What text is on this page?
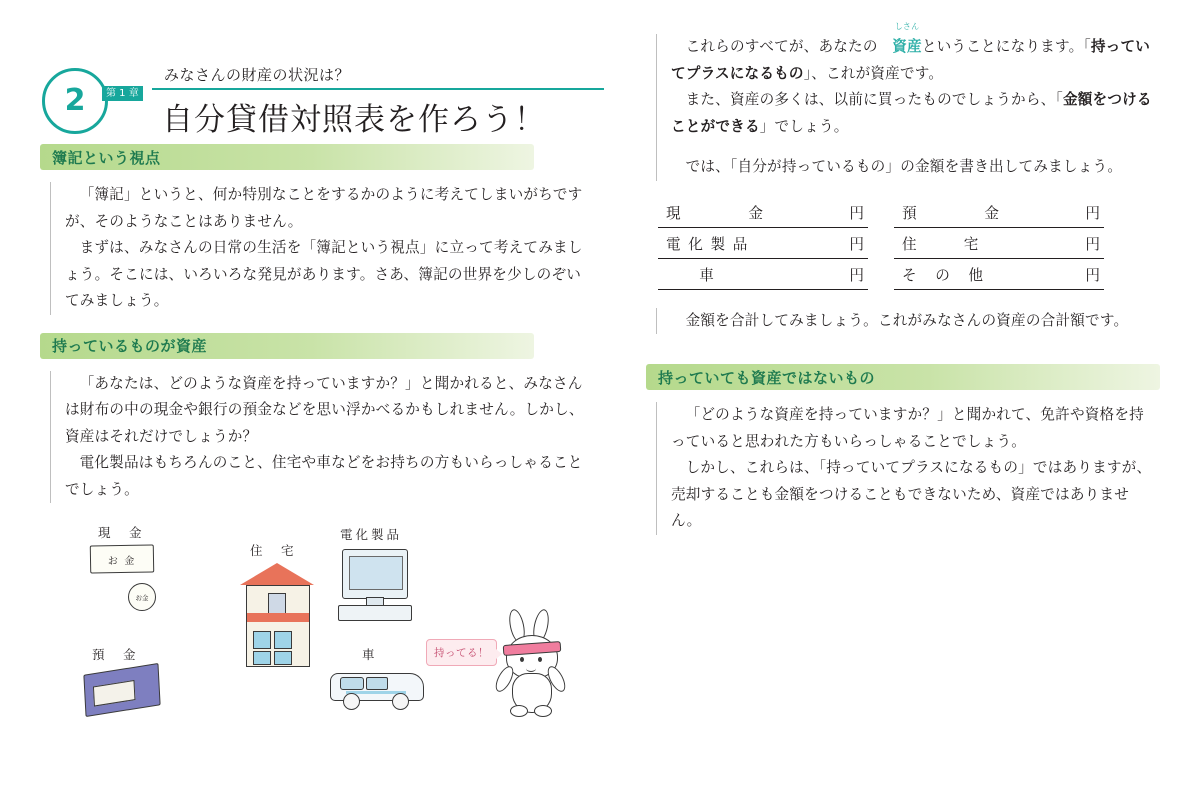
2	第 1 章
みなさんの財産の状況は？
自分貸借対照表を作ろう！
簿記という視点

「簿記」というと、何か特別なことをするかのように考えてしまいがちですが、そのようなことはありません。

まずは、みなさんの日常の生活を「簿記という視点」に立って考えてみましょう。そこには、いろいろな発見があります。さあ、簿記の世界を少しのぞいてみましょう。

持っているものが資産

「あなたは、どのような資産を持っていますか？」と聞かれると、みなさんは財布の中の現金や銀行の預金などを思い浮かべるかもしれません。しかし、資産はそれだけでしょうか？

電化製品はもちろんのこと、住宅や車などをお持ちの方もいらっしゃることでしょう。

現　金
お 金
お金
預　金
住　宅
電化製品
車	持ってる！

これらのすべてが、あなたの
しさん
資産ということになります。「持っていてプラスになるもの」、これが資産です。

また、資産の多くは、以前に買ったものでしょうから、「金額をつけることができる」でしょう。

では、「自分が持っているもの」の金額を書き出してみましょう。

現　　　金	円
電 化 製 品	円
　　車　　	円
預　　　金	円
住　　宅	円
そ　の　他	円

金額を合計してみましょう。これがみなさんの資産の合計額です。

持っていても資産ではないもの

「どのような資産を持っていますか？」と聞かれて、免許や資格を持っていると思われた方もいらっしゃることでしょう。

しかし、これらは、「持っていてプラスになるもの」ではありますが、売却することも金額をつけることもできないため、資産ではありません。
